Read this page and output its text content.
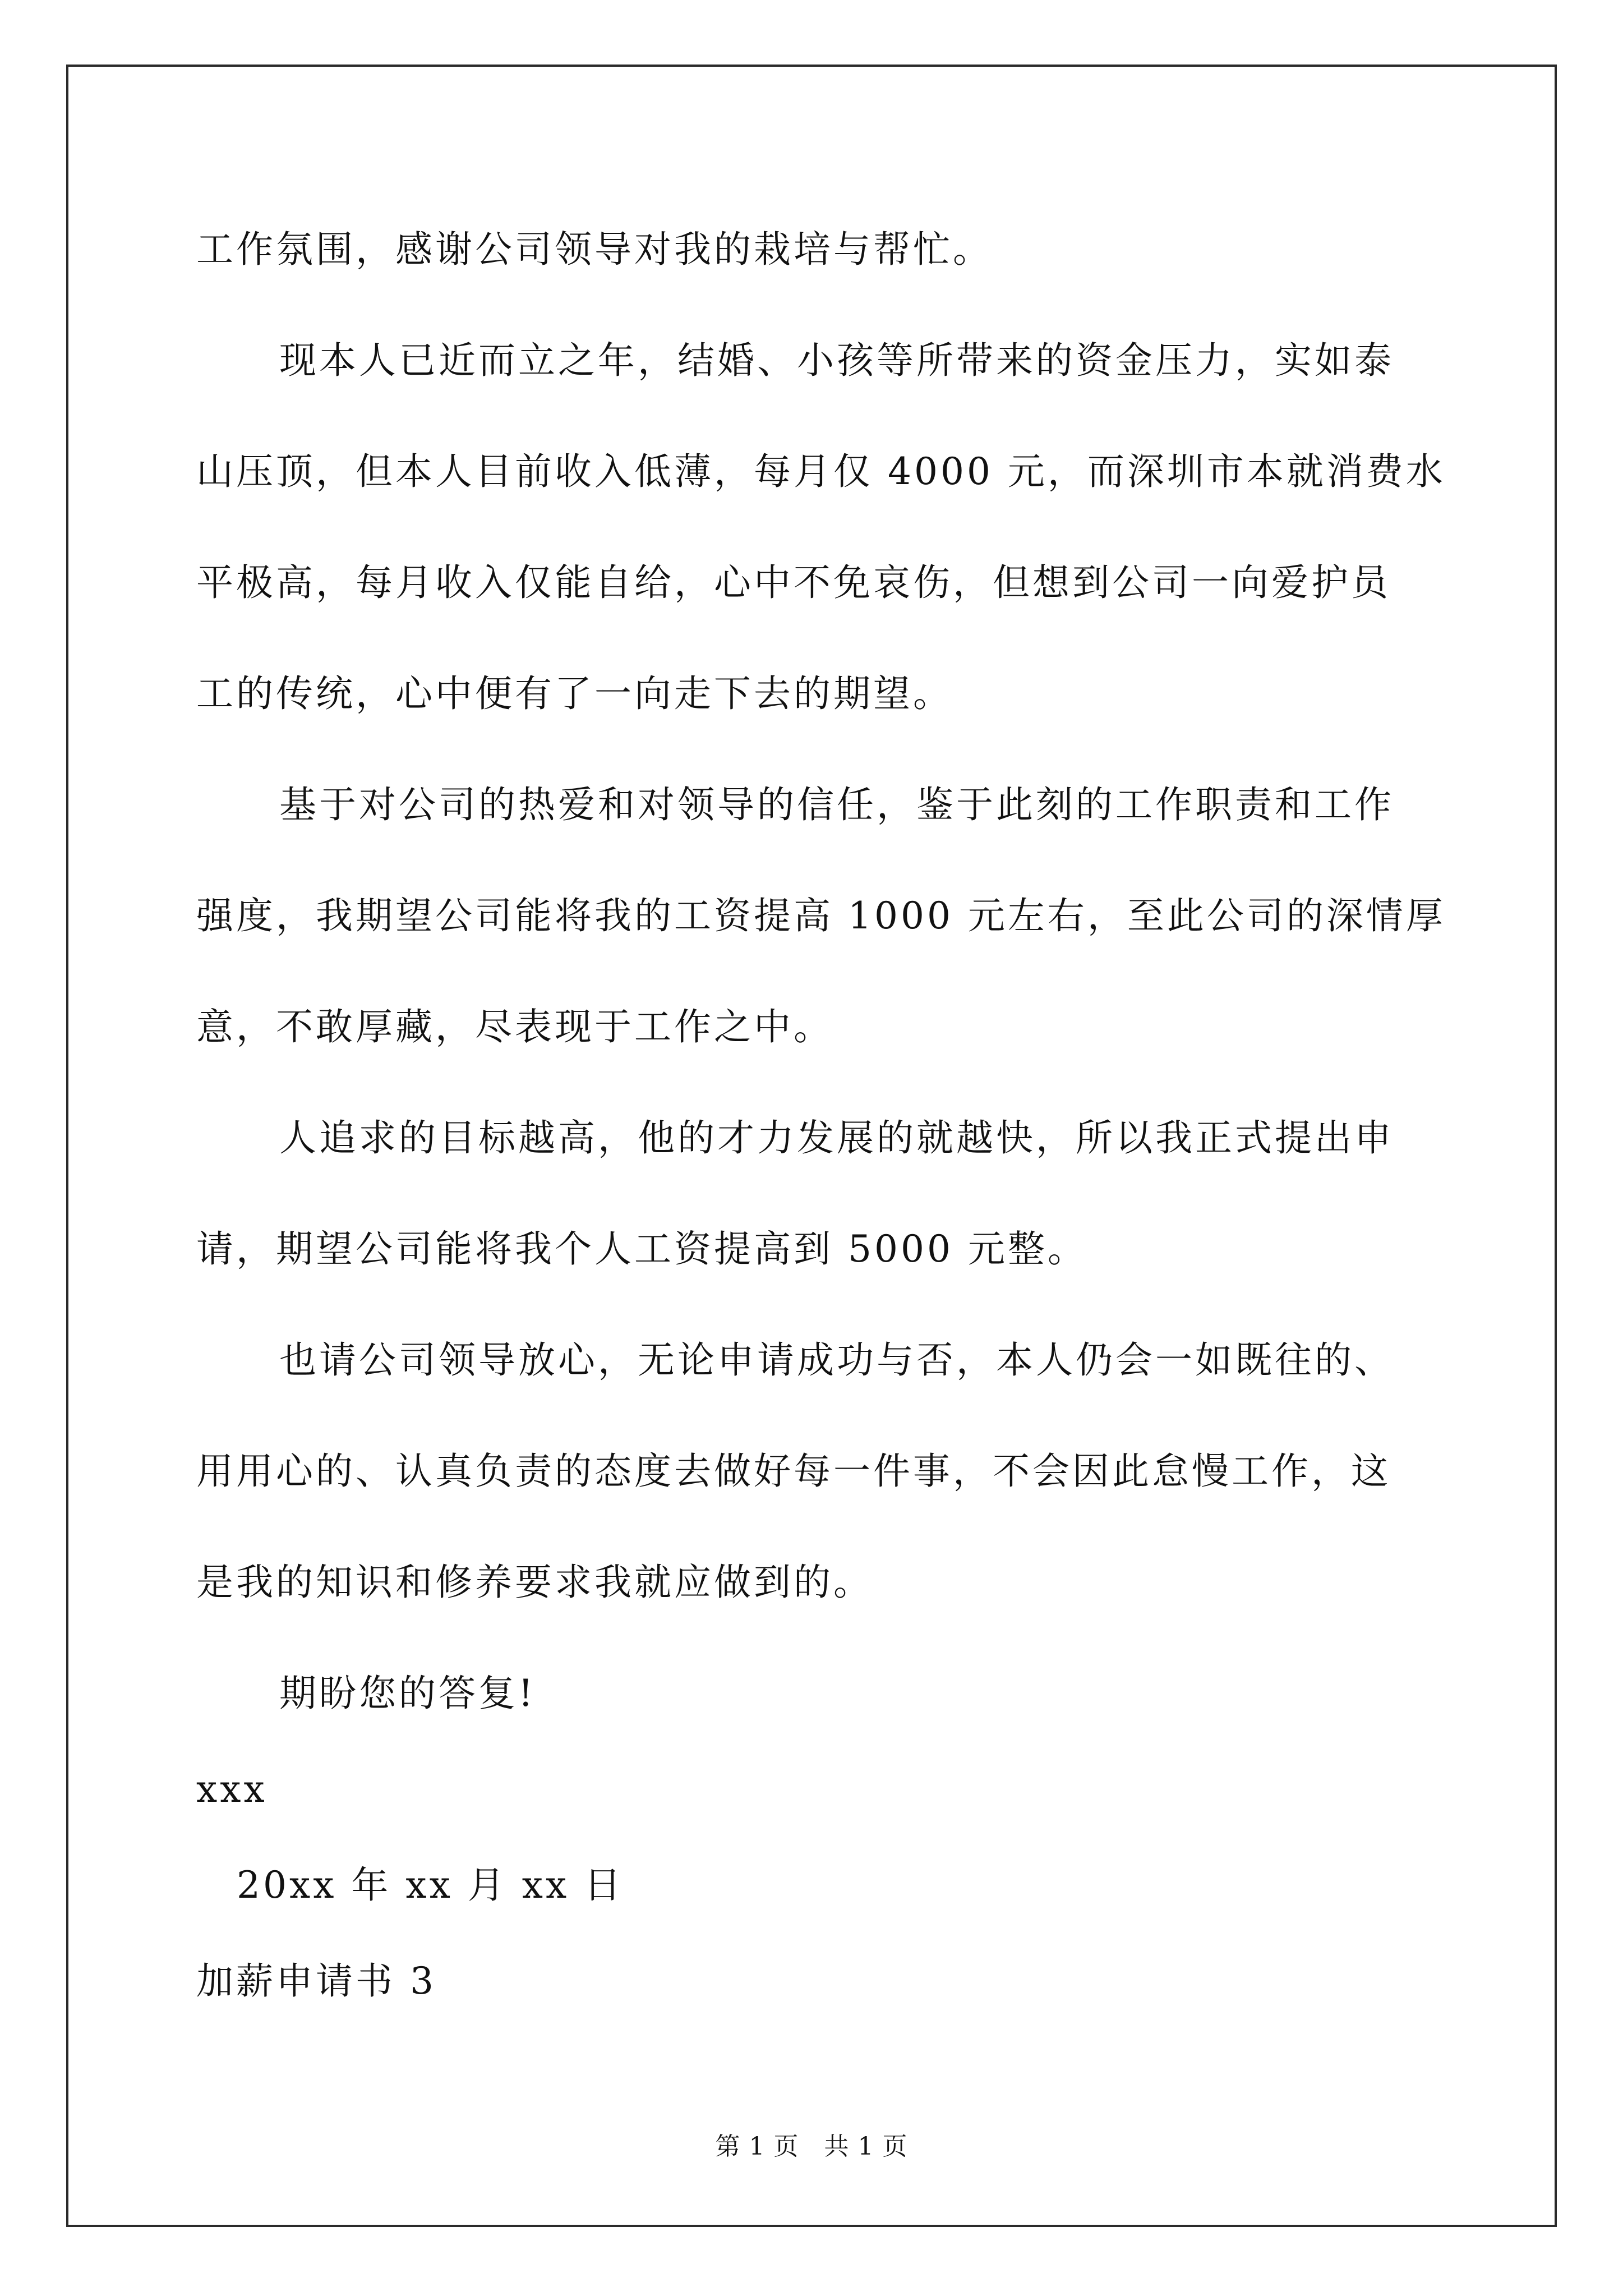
工作氛围，感谢公司领导对我的栽培与帮忙。
现本人已近而立之年，结婚、小孩等所带来的资金压力，实如泰
山压顶，但本人目前收入低薄，每月仅 4000 元，而深圳市本就消费水
平极高，每月收入仅能自给，心中不免哀伤，但想到公司一向爱护员
工的传统，心中便有了一向走下去的期望。
基于对公司的热爱和对领导的信任，鉴于此刻的工作职责和工作
强度，我期望公司能将我的工资提高 1000 元左右，至此公司的深情厚
意，不敢厚藏，尽表现于工作之中。
人追求的目标越高，他的才力发展的就越快，所以我正式提出申
请，期望公司能将我个人工资提高到 5000 元整。
也请公司领导放心，无论申请成功与否，本人仍会一如既往的、
用用心的、认真负责的态度去做好每一件事，不会因此怠慢工作，这
是我的知识和修养要求我就应做到的。
期盼您的答复!
xxx
20xx 年 xx 月 xx 日
加薪申请书 3
第 1 页   共 1 页
